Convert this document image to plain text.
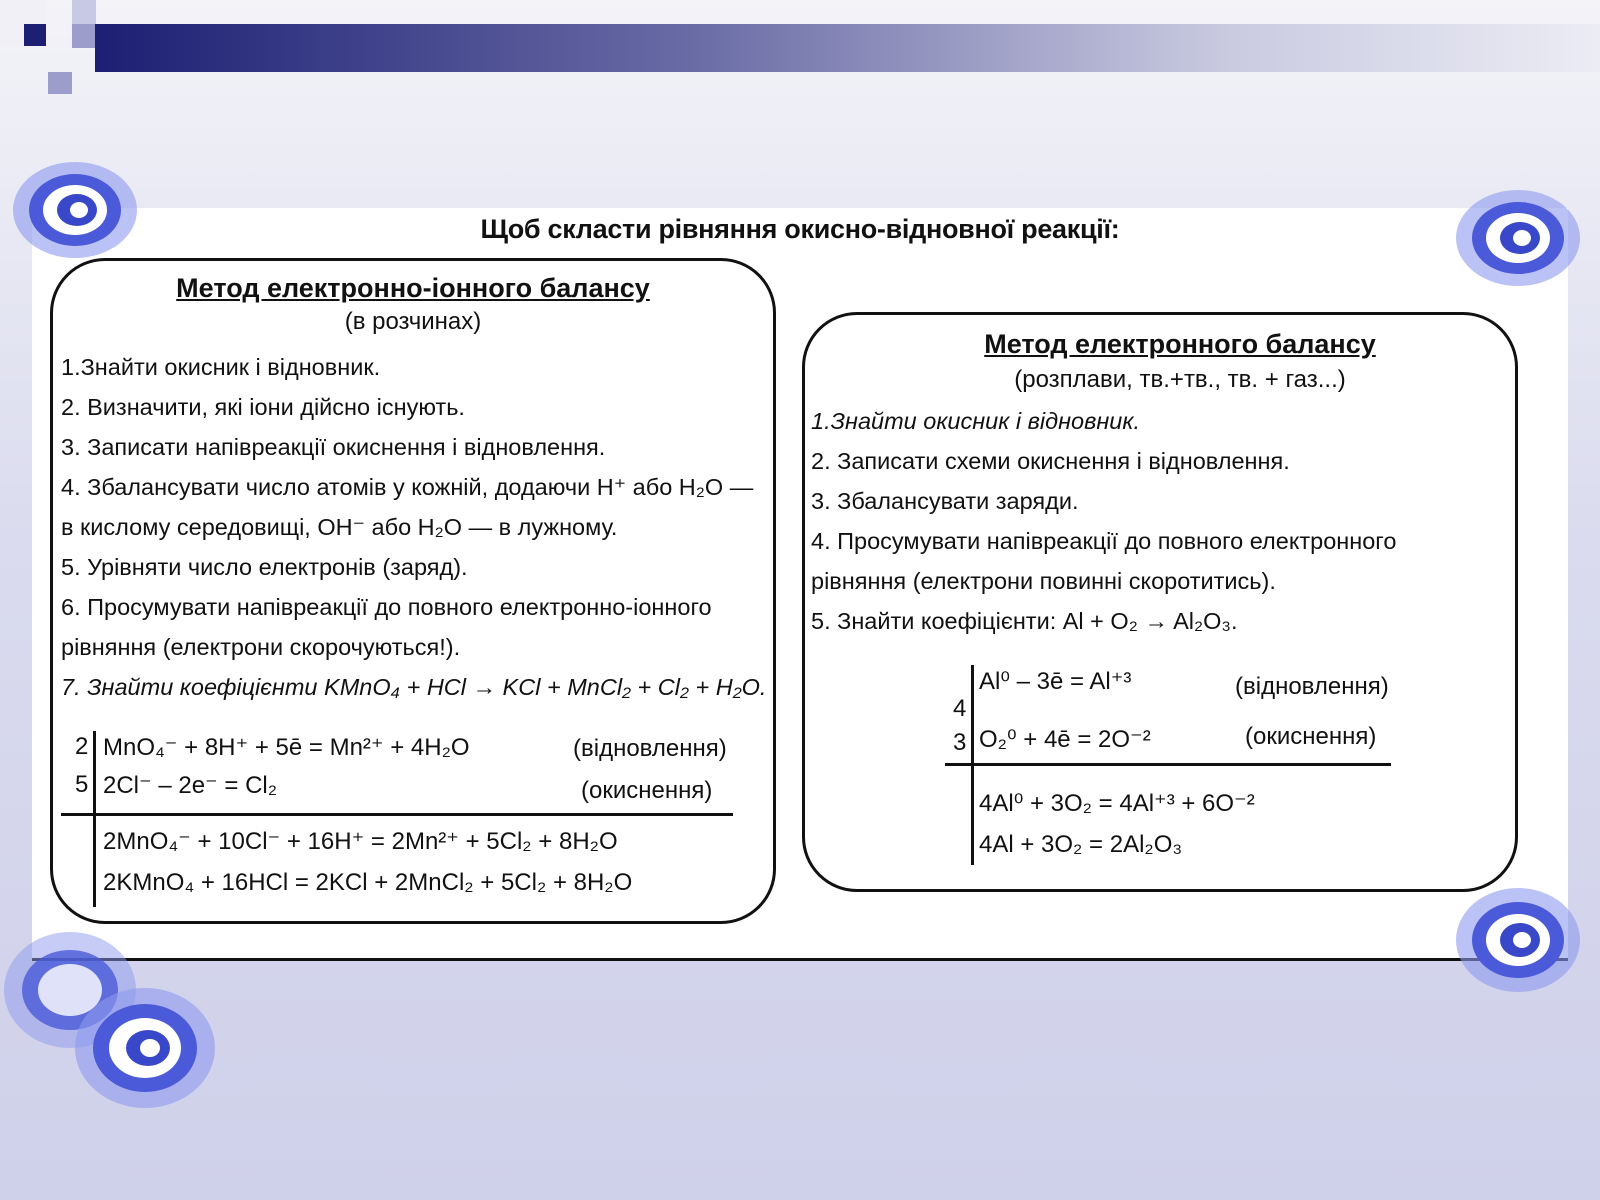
Щоб скласти рівняння окисно-відновної реакції:
Метод електронно-іонного балансу
(в розчинах)
1.Знайти окисник і відновник.
2. Визначити, які іони дійсно існують.
3. Записати напівреакції окиснення і відновлення.
4. Збалансувати число атомів у кожній, додаючи H⁺ або H₂O —
в кислому середовищі, OH⁻ або H₂O — в лужному.
5. Урівняти число електронів (заряд).
6. Просумувати напівреакції до повного електронно-іонного
рівняння (електрони скорочуються!).
7. Знайти коефіцієнти KMnO₄ + HCl → KCl + MnCl₂ + Cl₂ + H₂O.
2
5
MnO₄⁻ + 8H⁺ + 5ē = Mn²⁺ + 4H₂O
2Cl⁻ – 2e⁻ = Cl₂
(відновлення)
(окиснення)
2MnO₄⁻ + 10Cl⁻ + 16H⁺ = 2Mn²⁺ + 5Cl₂ + 8H₂O
2KMnO₄ + 16HCl = 2KCl + 2MnCl₂ + 5Cl₂ + 8H₂O
Метод електронного балансу
(розплави, тв.+тв., тв. + газ...)
1.Знайти окисник і відновник.
2. Записати схеми окиснення і відновлення.
3. Збалансувати заряди.
4. Просумувати напівреакції до повного електронного
рівняння (електрони повинні скоротитись).
5. Знайти коефіцієнти: Al + O₂ → Al₂O₃.
4
3
Al⁰ – 3ē = Al⁺³
O₂⁰ + 4ē = 2O⁻²
(відновлення)
(окиснення)
4Al⁰ + 3O₂ = 4Al⁺³ + 6O⁻²
4Al + 3O₂ = 2Al₂O₃
